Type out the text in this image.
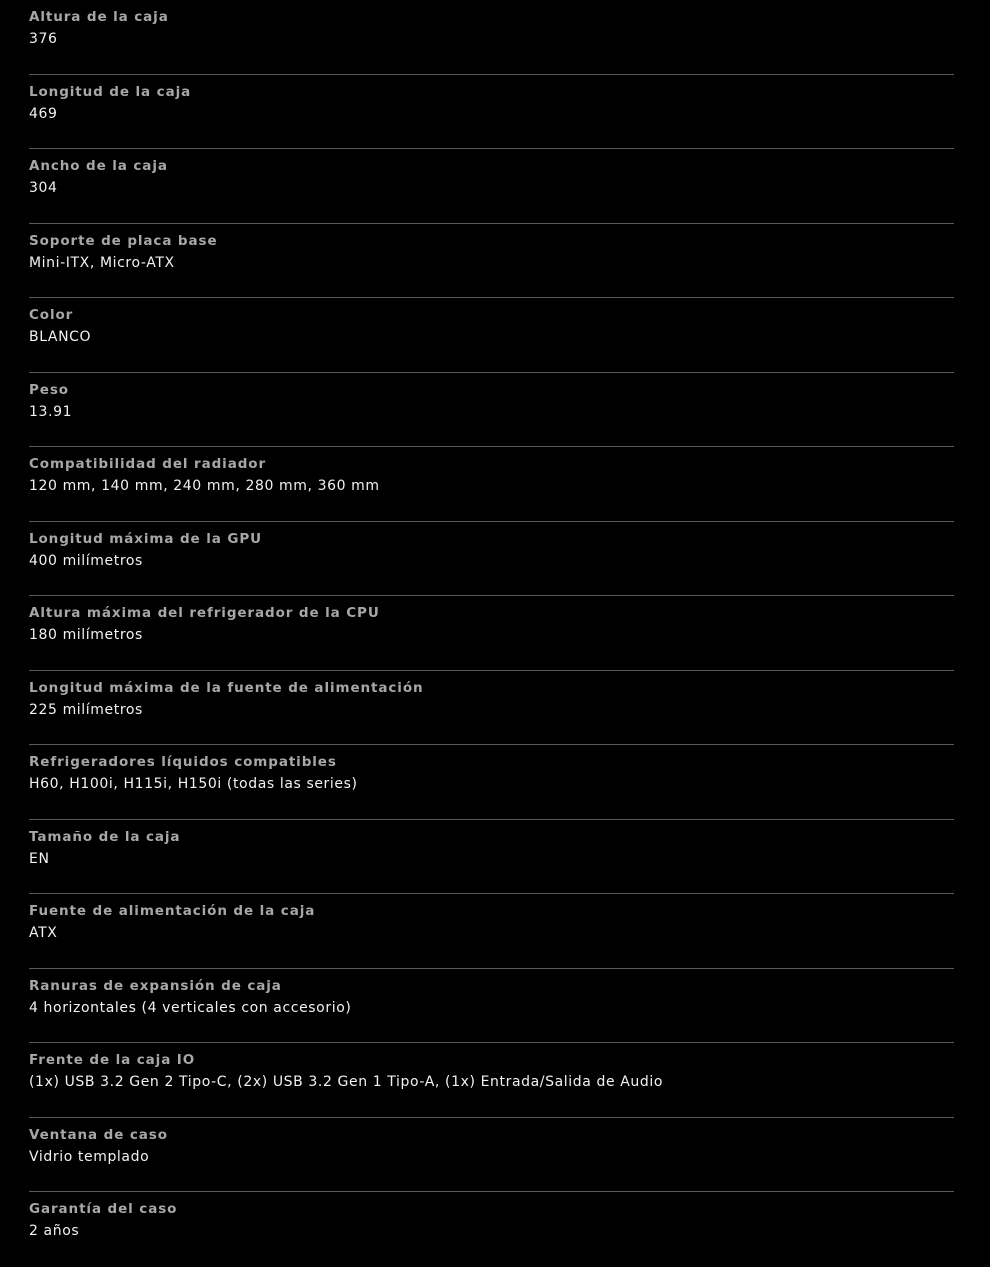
Altura de la caja
376
Longitud de la caja
469
Ancho de la caja
304
Soporte de placa base
Mini-ITX, Micro-ATX
Color
BLANCO
Peso
13.91
Compatibilidad del radiador
120 mm, 140 mm, 240 mm, 280 mm, 360 mm
Longitud máxima de la GPU
400 milímetros
Altura máxima del refrigerador de la CPU
180 milímetros
Longitud máxima de la fuente de alimentación
225 milímetros
Refrigeradores líquidos compatibles
H60, H100i, H115i, H150i (todas las series)
Tamaño de la caja
EN
Fuente de alimentación de la caja
ATX
Ranuras de expansión de caja
4 horizontales (4 verticales con accesorio)
Frente de la caja IO
(1x) USB 3.2 Gen 2 Tipo-C, (2x) USB 3.2 Gen 1 Tipo-A, (1x) Entrada/Salida de Audio
Ventana de caso
Vidrio templado
Garantía del caso
2 años
